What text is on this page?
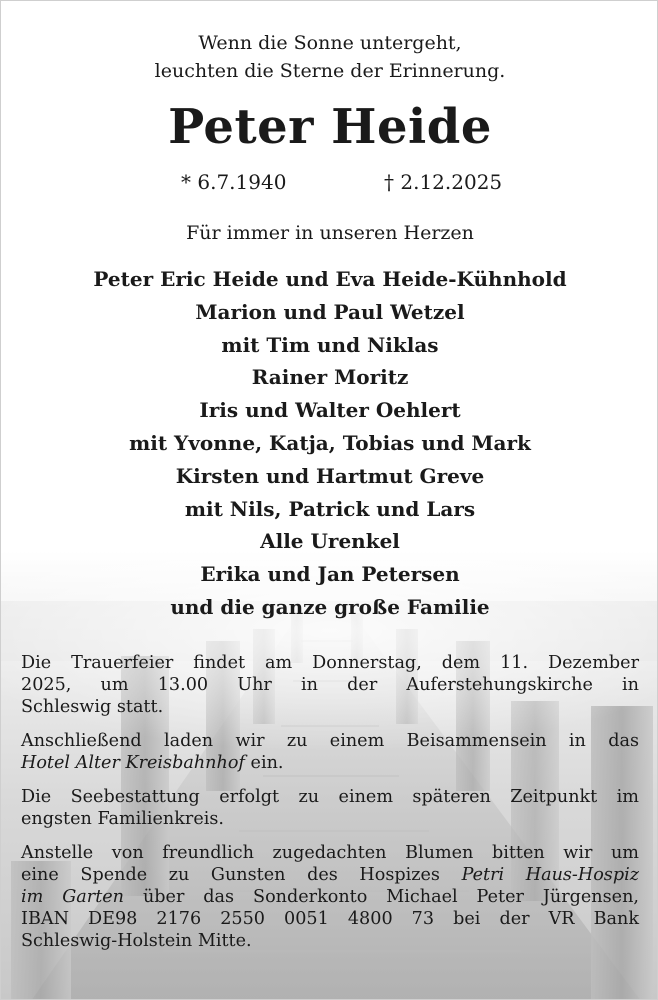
Wenn die Sonne untergeht,
leuchten die Sterne der Erinnerung.
Peter Heide
* 6.7.1940	† 2.12.2025
Für immer in unseren Herzen
Peter Eric Heide und Eva Heide-Kühnhold
Marion und Paul Wetzel
mit Tim und Niklas
Rainer Moritz
Iris und Walter Oehlert
mit Yvonne, Katja, Tobias und Mark
Kirsten und Hartmut Greve
mit Nils, Patrick und Lars
Alle Urenkel
Erika und Jan Petersen
und die ganze große Familie

Die Trauerfeier findet am Donnerstag, dem 11. Dezember
2025, um 13.00 Uhr in der Auferstehungskirche in
Schleswig statt.

Anschließend laden wir zu einem Beisammensein in das
Hotel Alter Kreisbahnhof ein.

Die Seebestattung erfolgt zu einem späteren Zeitpunkt im
engsten Familienkreis.

Anstelle von freundlich zugedachten Blumen bitten wir um
eine Spende zu Gunsten des Hospizes Petri Haus-Hospiz
im Garten über das Sonderkonto Michael Peter Jürgensen,
IBAN DE98 2176 2550 0051 4800 73 bei der VR Bank
Schleswig-Holstein Mitte.
